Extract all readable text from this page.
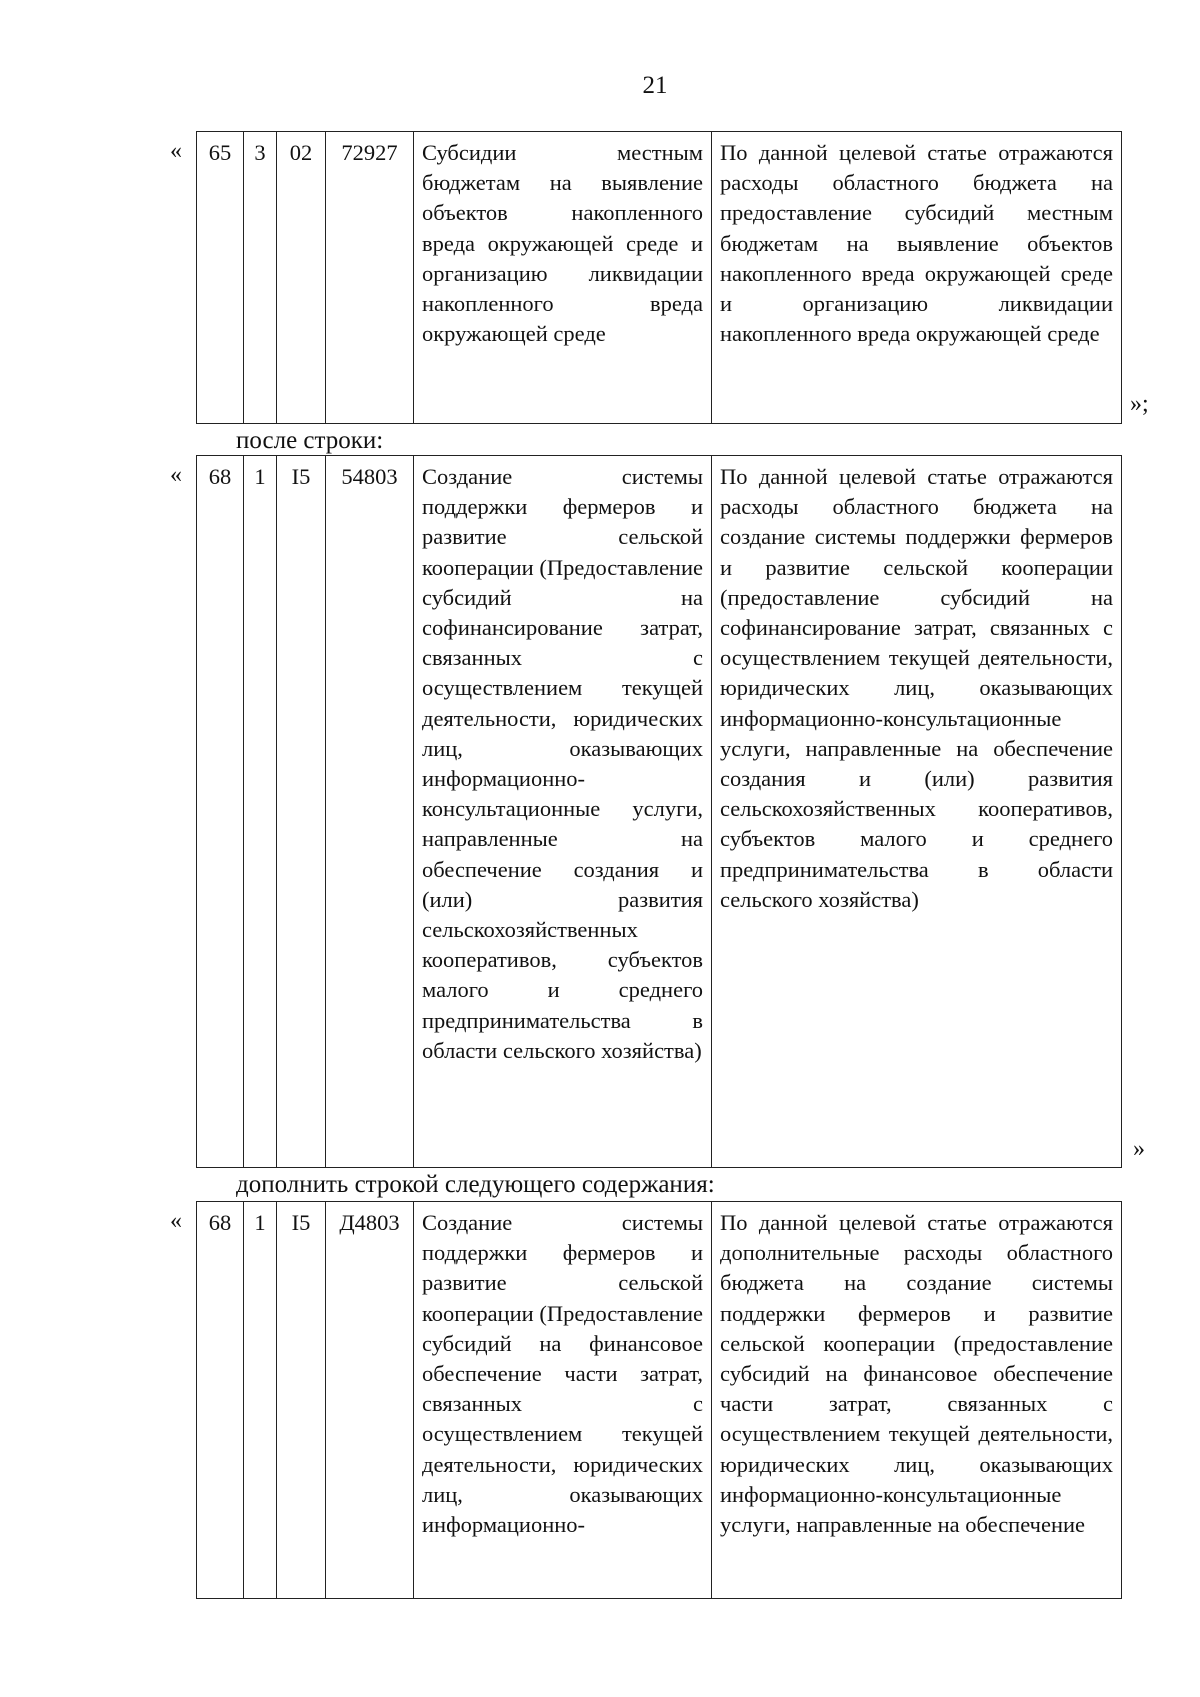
21
« 65	3	02	72927	Субсидии местным бюджетам на выявление объектов накопленного вреда окружающей среде и организацию ликвидации накопленного вреда окружающей среде	По данной целевой статье отражаются расходы областного бюджета на предоставление субсидий местным бюджетам на выявление объектов накопленного вреда окружающей среде и организацию ликвидации накопленного вреда окружающей среде
»;
после строки:
« 68	1	I5	54803	Создание системы поддержки фермеров и развитие сельской кооперации (Предоставление субсидий на софинансирование затрат, связанных с осуществлением текущей деятельности, юридических лиц, оказывающих информационно-консультационные услуги, направленные на обеспечение создания и (или) развития сельскохозяйственных кооперативов, субъектов малого и среднего предпринимательства в области сельского хозяйства)	По данной целевой статье отражаются расходы областного бюджета на создание системы поддержки фермеров и развитие сельской кооперации (предоставление субсидий на софинансирование затрат, связанных с осуществлением текущей деятельности, юридических лиц, оказывающих информационно-консультационные услуги, направленные на обеспечение создания и (или) развития сельскохозяйственных кооперативов, субъектов малого и среднего предпринимательства в области сельского хозяйства)
»
дополнить строкой следующего содержания:
« 68	1	I5	Д4803	Создание системы поддержки фермеров и развитие сельской кооперации (Предоставление субсидий на финансовое обеспечение части затрат, связанных с осуществлением текущей деятельности, юридических лиц, оказывающих информационно-	По данной целевой статье отражаются дополнительные расходы областного бюджета на создание системы поддержки фермеров и развитие сельской кооперации (предоставление субсидий на финансовое обеспечение части затрат, связанных с осуществлением текущей деятельности, юридических лиц, оказывающих информационно-консультационные услуги, направленные на обеспечение
